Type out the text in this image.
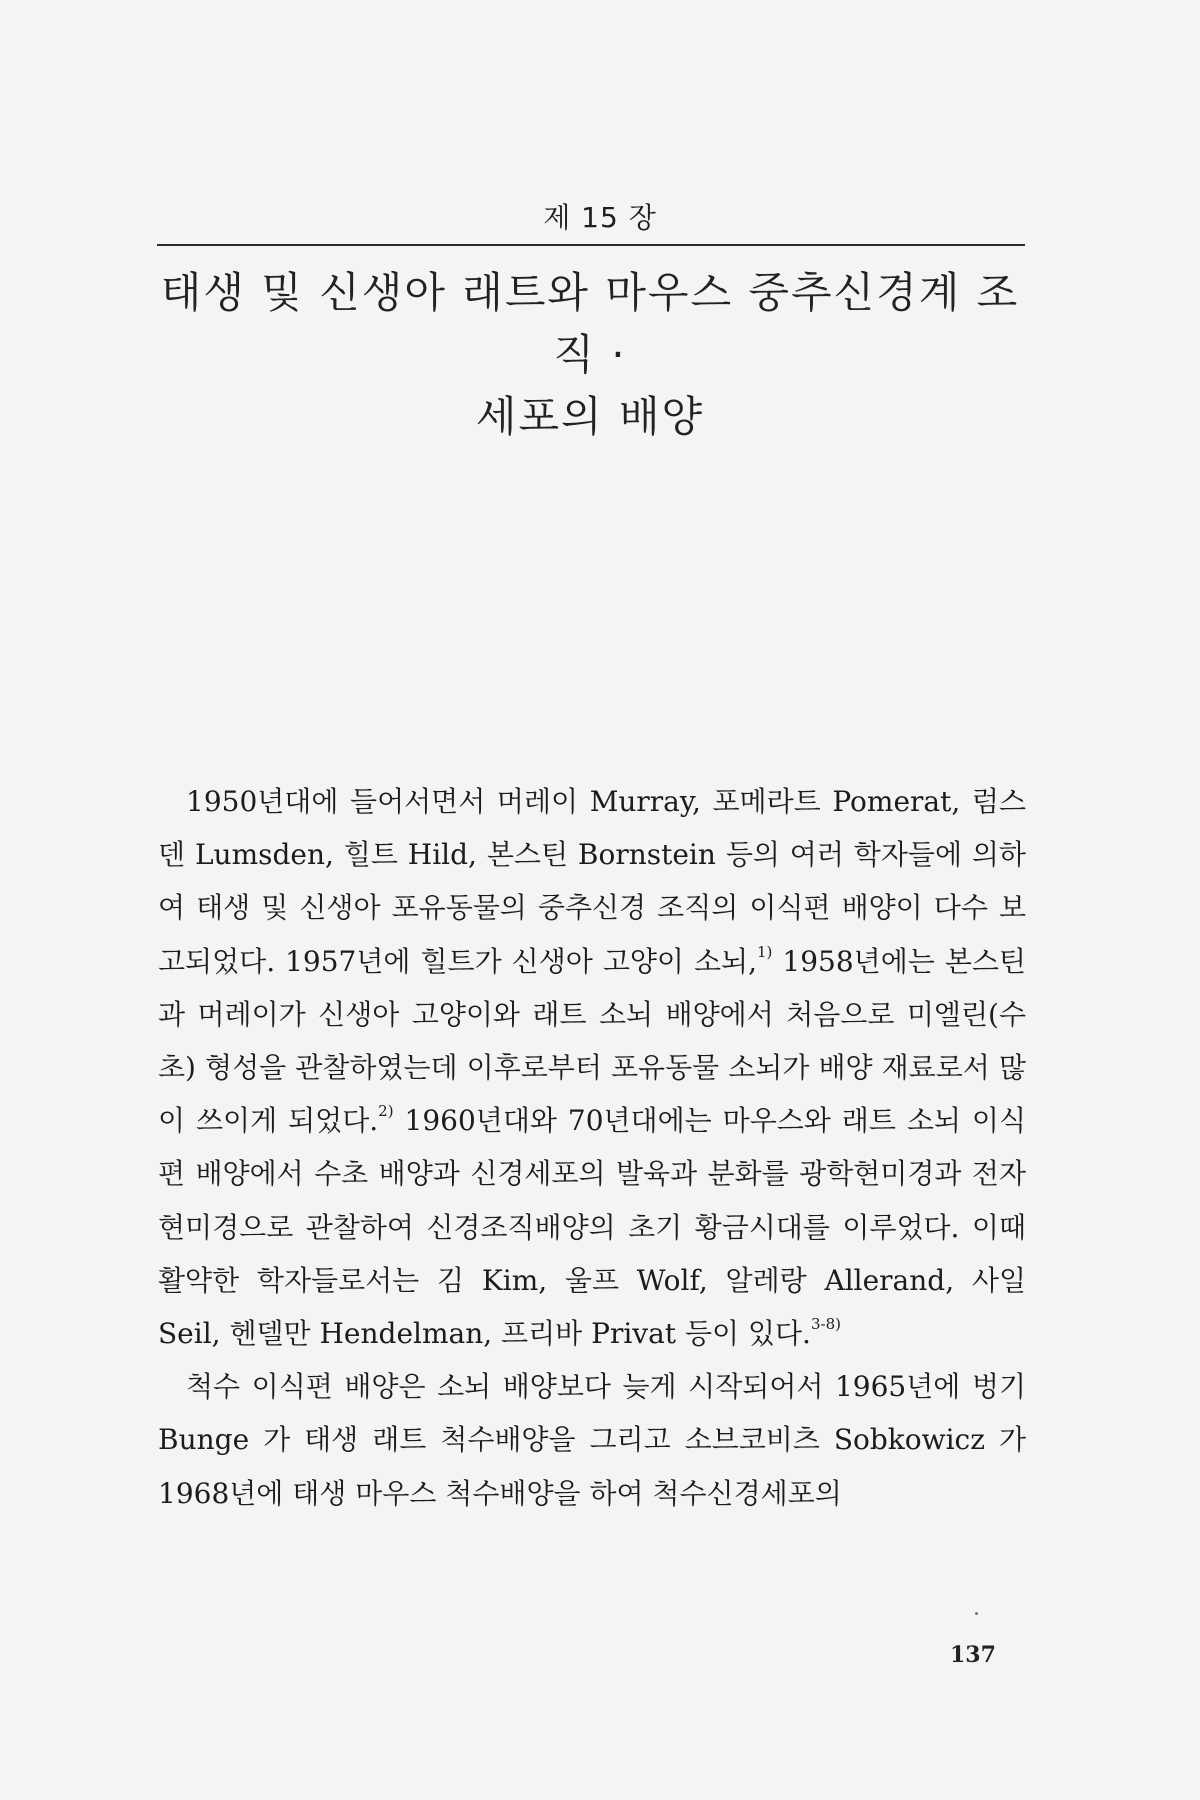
제 15 장
태생 및 신생아 래트와 마우스 중추신경계 조직 ·
세포의 배양

1950년대에 들어서면서 머레이 Murray, 포메라트 Pomerat, 럼스덴 Lumsden, 힐트 Hild, 본스틴 Bornstein 등의 여러 학자들에 의하여 태생 및 신생아 포유동물의 중추신경 조직의 이식편 배양이 다수 보고되었다. 1957년에 힐트가 신생아 고양이 소뇌,$^{1)}$ 1958년에는 본스틴과 머레이가 신생아 고양이와 래트 소뇌 배양에서 처음으로 미엘린(수초) 형성을 관찰하였는데 이후로부터 포유동물 소뇌가 배양 재료로서 많이 쓰이게 되었다.$^{2)}$ 1960년대와 70년대에는 마우스와 래트 소뇌 이식편 배양에서 수초 배양과 신경세포의 발육과 분화를 광학현미경과 전자현미경으로 관찰하여 신경조직배양의 초기 황금시대를 이루었다. 이때 활약한 학자들로서는 김 Kim, 울프 Wolf, 알레랑 Allerand, 사일 Seil, 헨델만 Hendelman, 프리바 Privat 등이 있다.$^{3-8)}$

척수 이식편 배양은 소뇌 배양보다 늦게 시작되어서 1965년에 벙기 Bunge 가 태생 래트 척수배양을 그리고 소브코비츠 Sobkowicz 가 1968년에 태생 마우스 척수배양을 하여 척수신경세포의

137
